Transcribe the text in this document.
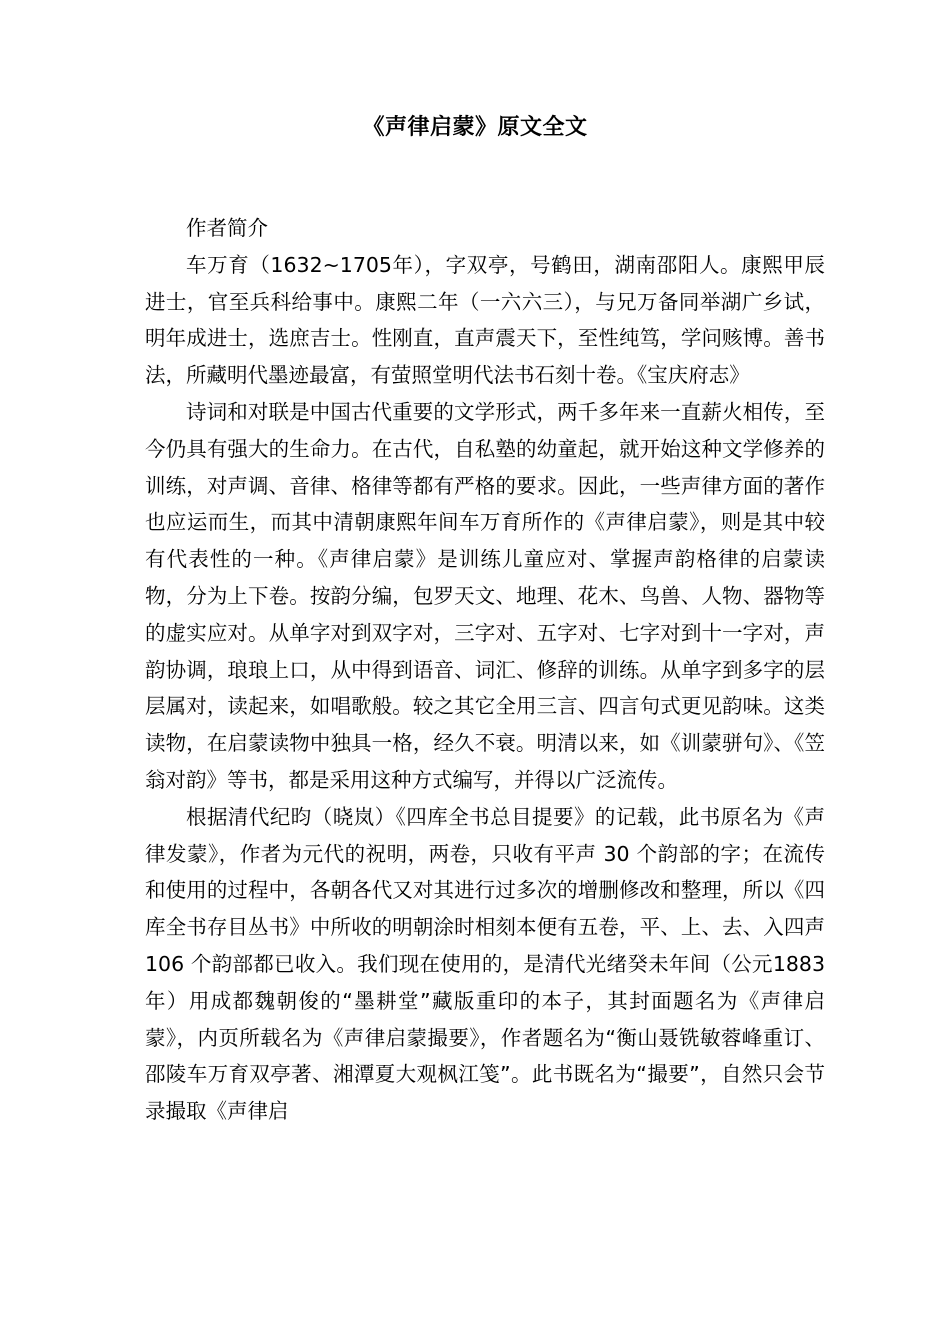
《声律启蒙》原文全文

作者简介

车万育（1632~1705年），字双亭，号鹤田，湖南邵阳人。康熙甲辰进士，官至兵科给事中。康熙二年（一六六三），与兄万备同举湖广乡试，明年成进士，选庶吉士。性刚直，直声震天下，至性纯笃，学问赅博。善书法，所藏明代墨迹最富，有萤照堂明代法书石刻十卷。《宝庆府志》

诗词和对联是中国古代重要的文学形式，两千多年来一直薪火相传，至今仍具有强大的生命力。在古代，自私塾的幼童起，就开始这种文学修养的训练，对声调、音律、格律等都有严格的要求。因此，一些声律方面的著作也应运而生，而其中清朝康熙年间车万育所作的《声律启蒙》，则是其中较有代表性的一种。《声律启蒙》是训练儿童应对、掌握声韵格律的启蒙读物，分为上下卷。按韵分编，包罗天文、地理、花木、鸟兽、人物、器物等的虚实应对。从单字对到双字对，三字对、五字对、七字对到十一字对，声韵协调，琅琅上口，从中得到语音、词汇、修辞的训练。从单字到多字的层层属对，读起来，如唱歌般。较之其它全用三言、四言句式更见韵味。这类读物，在启蒙读物中独具一格，经久不衰。明清以来，如《训蒙骈句》、《笠翁对韵》等书，都是采用这种方式编写，并得以广泛流传。

根据清代纪昀（晓岚）《四库全书总目提要》的记载，此书原名为《声律发蒙》，作者为元代的祝明，两卷，只收有平声 30 个韵部的字；在流传和使用的过程中，各朝各代又对其进行过多次的增删修改和整理，所以《四库全书存目丛书》中所收的明朝涂时相刻本便有五卷，平、上、去、入四声 106 个韵部都已收入。我们现在使用的，是清代光绪癸未年间（公元1883年）用成都魏朝俊的“墨耕堂”藏版重印的本子，其封面题名为《声律启蒙》，内页所载名为《声律启蒙撮要》，作者题名为“衡山聂铣敏蓉峰重订、邵陵车万育双亭著、湘潭夏大观枫江笺”。此书既名为“撮要”，自然只会节录撮取《声律启
